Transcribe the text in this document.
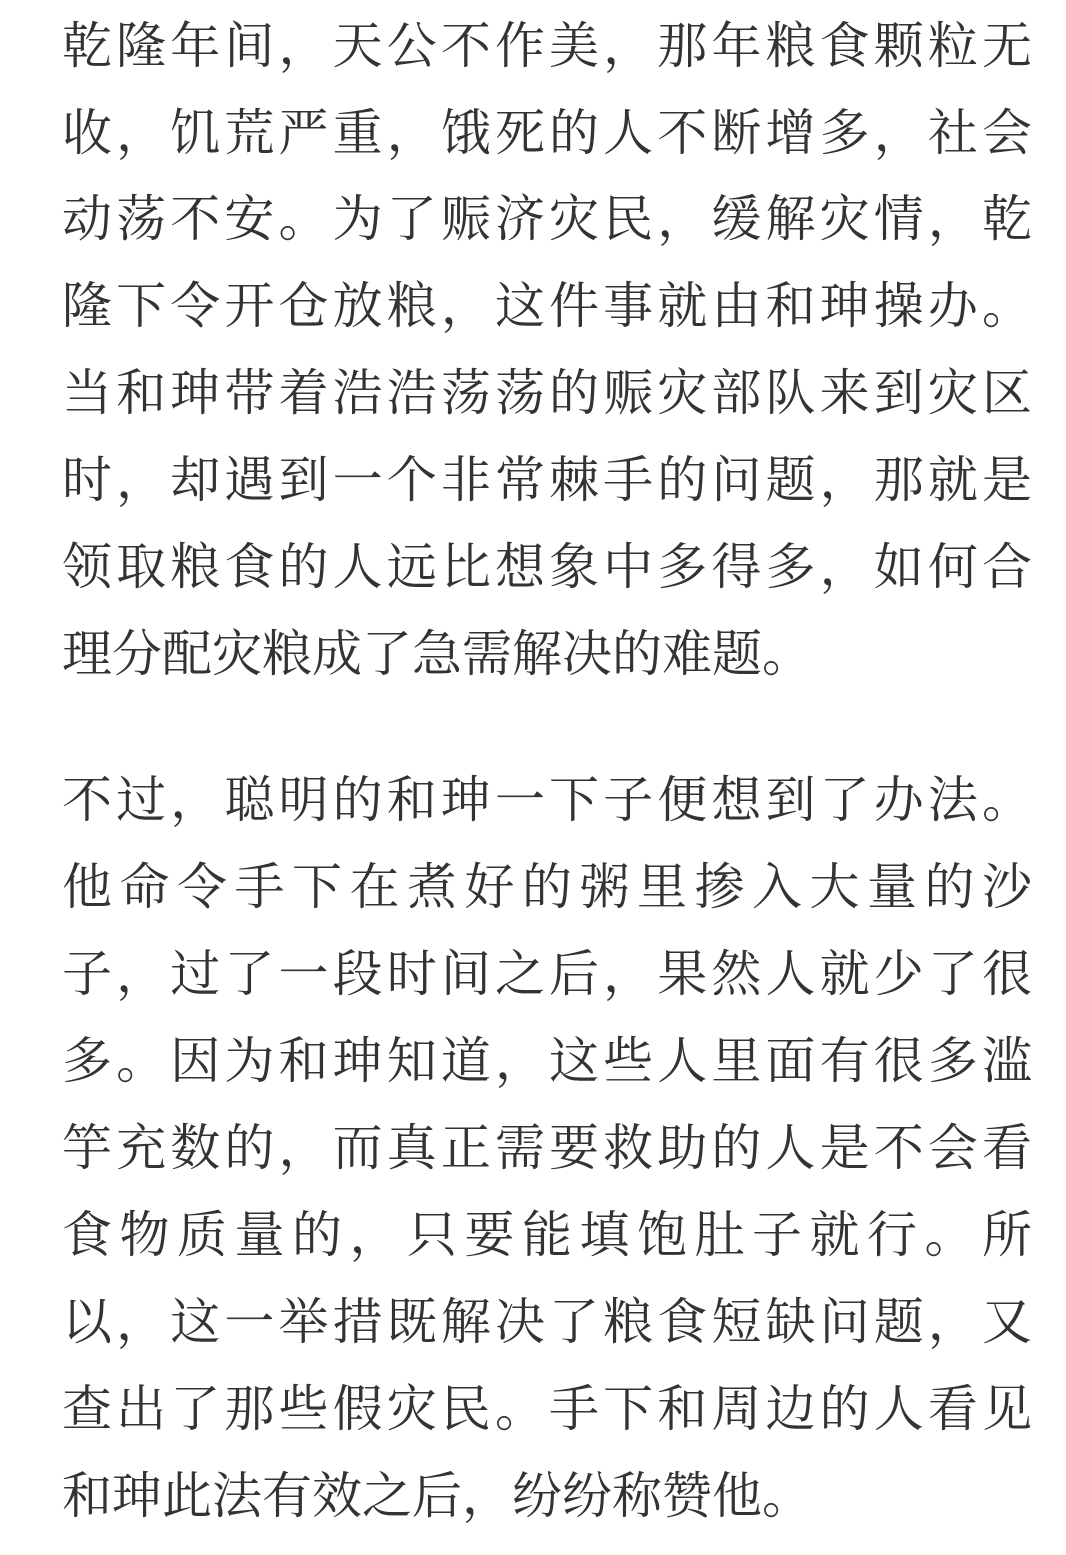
乾隆年间，天公不作美，那年粮食颗粒无
收，饥荒严重，饿死的人不断增多，社会
动荡不安。为了赈济灾民，缓解灾情，乾
隆下令开仓放粮，这件事就由和珅操办。
当和珅带着浩浩荡荡的赈灾部队来到灾区
时，却遇到一个非常棘手的问题，那就是
领取粮食的人远比想象中多得多，如何合
理分配灾粮成了急需解决的难题。
不过，聪明的和珅一下子便想到了办法。
他命令手下在煮好的粥里掺入大量的沙
子，过了一段时间之后，果然人就少了很
多。因为和珅知道，这些人里面有很多滥
竽充数的，而真正需要救助的人是不会看
食物质量的，只要能填饱肚子就行。所
以，这一举措既解决了粮食短缺问题，又
查出了那些假灾民。手下和周边的人看见
和珅此法有效之后，纷纷称赞他。
